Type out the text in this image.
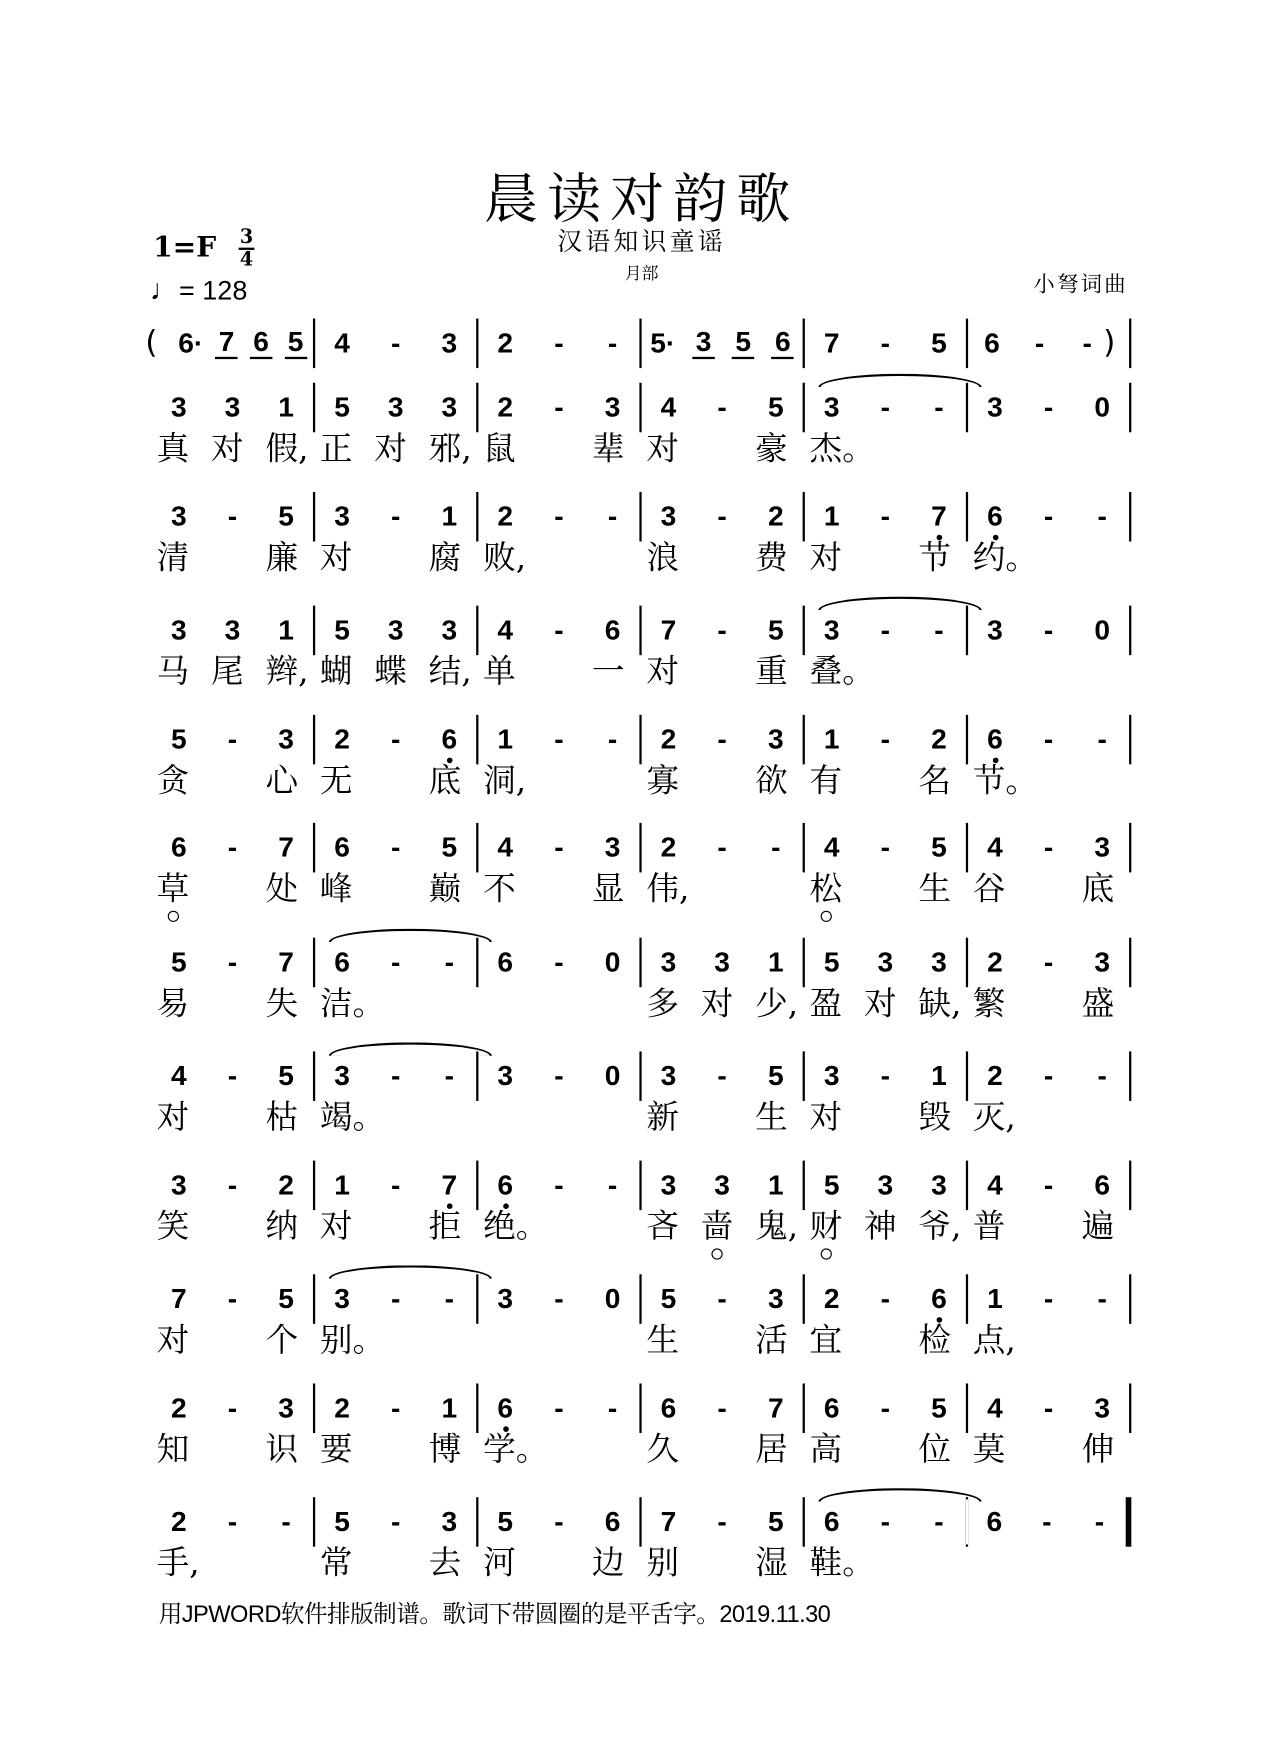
晨读对韵歌
汉语知识童谣
月部	小弩词曲
1=F 3
4
♩= 128
6· 7 6 5	4	-	3	2	-	-	5· 3 5 6	7	-	5	6	-	-
(	)
3	3	1	5	3	3	2	-	3	4	-	5	3	-	-	3	-	0
真 对 假, 正 对 邪, 鼠	辈 对	豪 杰。
3	-	5	3	-	1	2	-	-	3	-	2	1	-	7	6	-	-
清	廉 对	腐 败,	浪	费 对	节 约。
3	3	1	5	3	3	4	-	6	7	-	5	3	-	-	3	-	0
马 尾 辫, 蝴 蝶 结, 单	一 对	重 叠。
5	-	3	2	-	6	1	-	-	2	-	3	1	-	2	6	-	-
贪	心 无	底 洞,	寡	欲 有	名 节。
6	-	7	6	-	5	4	-	3	2	-	-	4	-	5	4	-	3
草	处 峰	巅 不	显 伟,	松	生 谷	底
5	-	7	6	-	-	6	-	0	3	3	1	5	3	3	2	-	3
易	失 洁。	多 对 少, 盈 对 缺, 繁	盛
4	-	5	3	-	-	3	-	0	3	-	5	3	-	1	2	-	-
对	枯 竭。	新	生 对	毁 灭,
3	-	2	1	-	7	6	-	-	3	3	1	5	3	3	4	-	6
笑	纳 对	拒 绝。	吝 啬 鬼, 财 神 爷, 普	遍
7	-	5	3	-	-	3	-	0	5	-	3	2	-	6	1	-	-
对	个 别。	生	活 宜	检 点,
2	-	3	2	-	1	6	-	-	6	-	7	6	-	5	4	-	3
知	识 要	博 学。	久	居 高	位 莫	伸
2	-	-	5	-	3	5	-	6	7	-	5	6	-	-	6	-	-
手,	常	去 河	边 别	湿 鞋。
用JPWORD软件排版制谱。歌词下带圆圈的是平舌字。2019.11.30
